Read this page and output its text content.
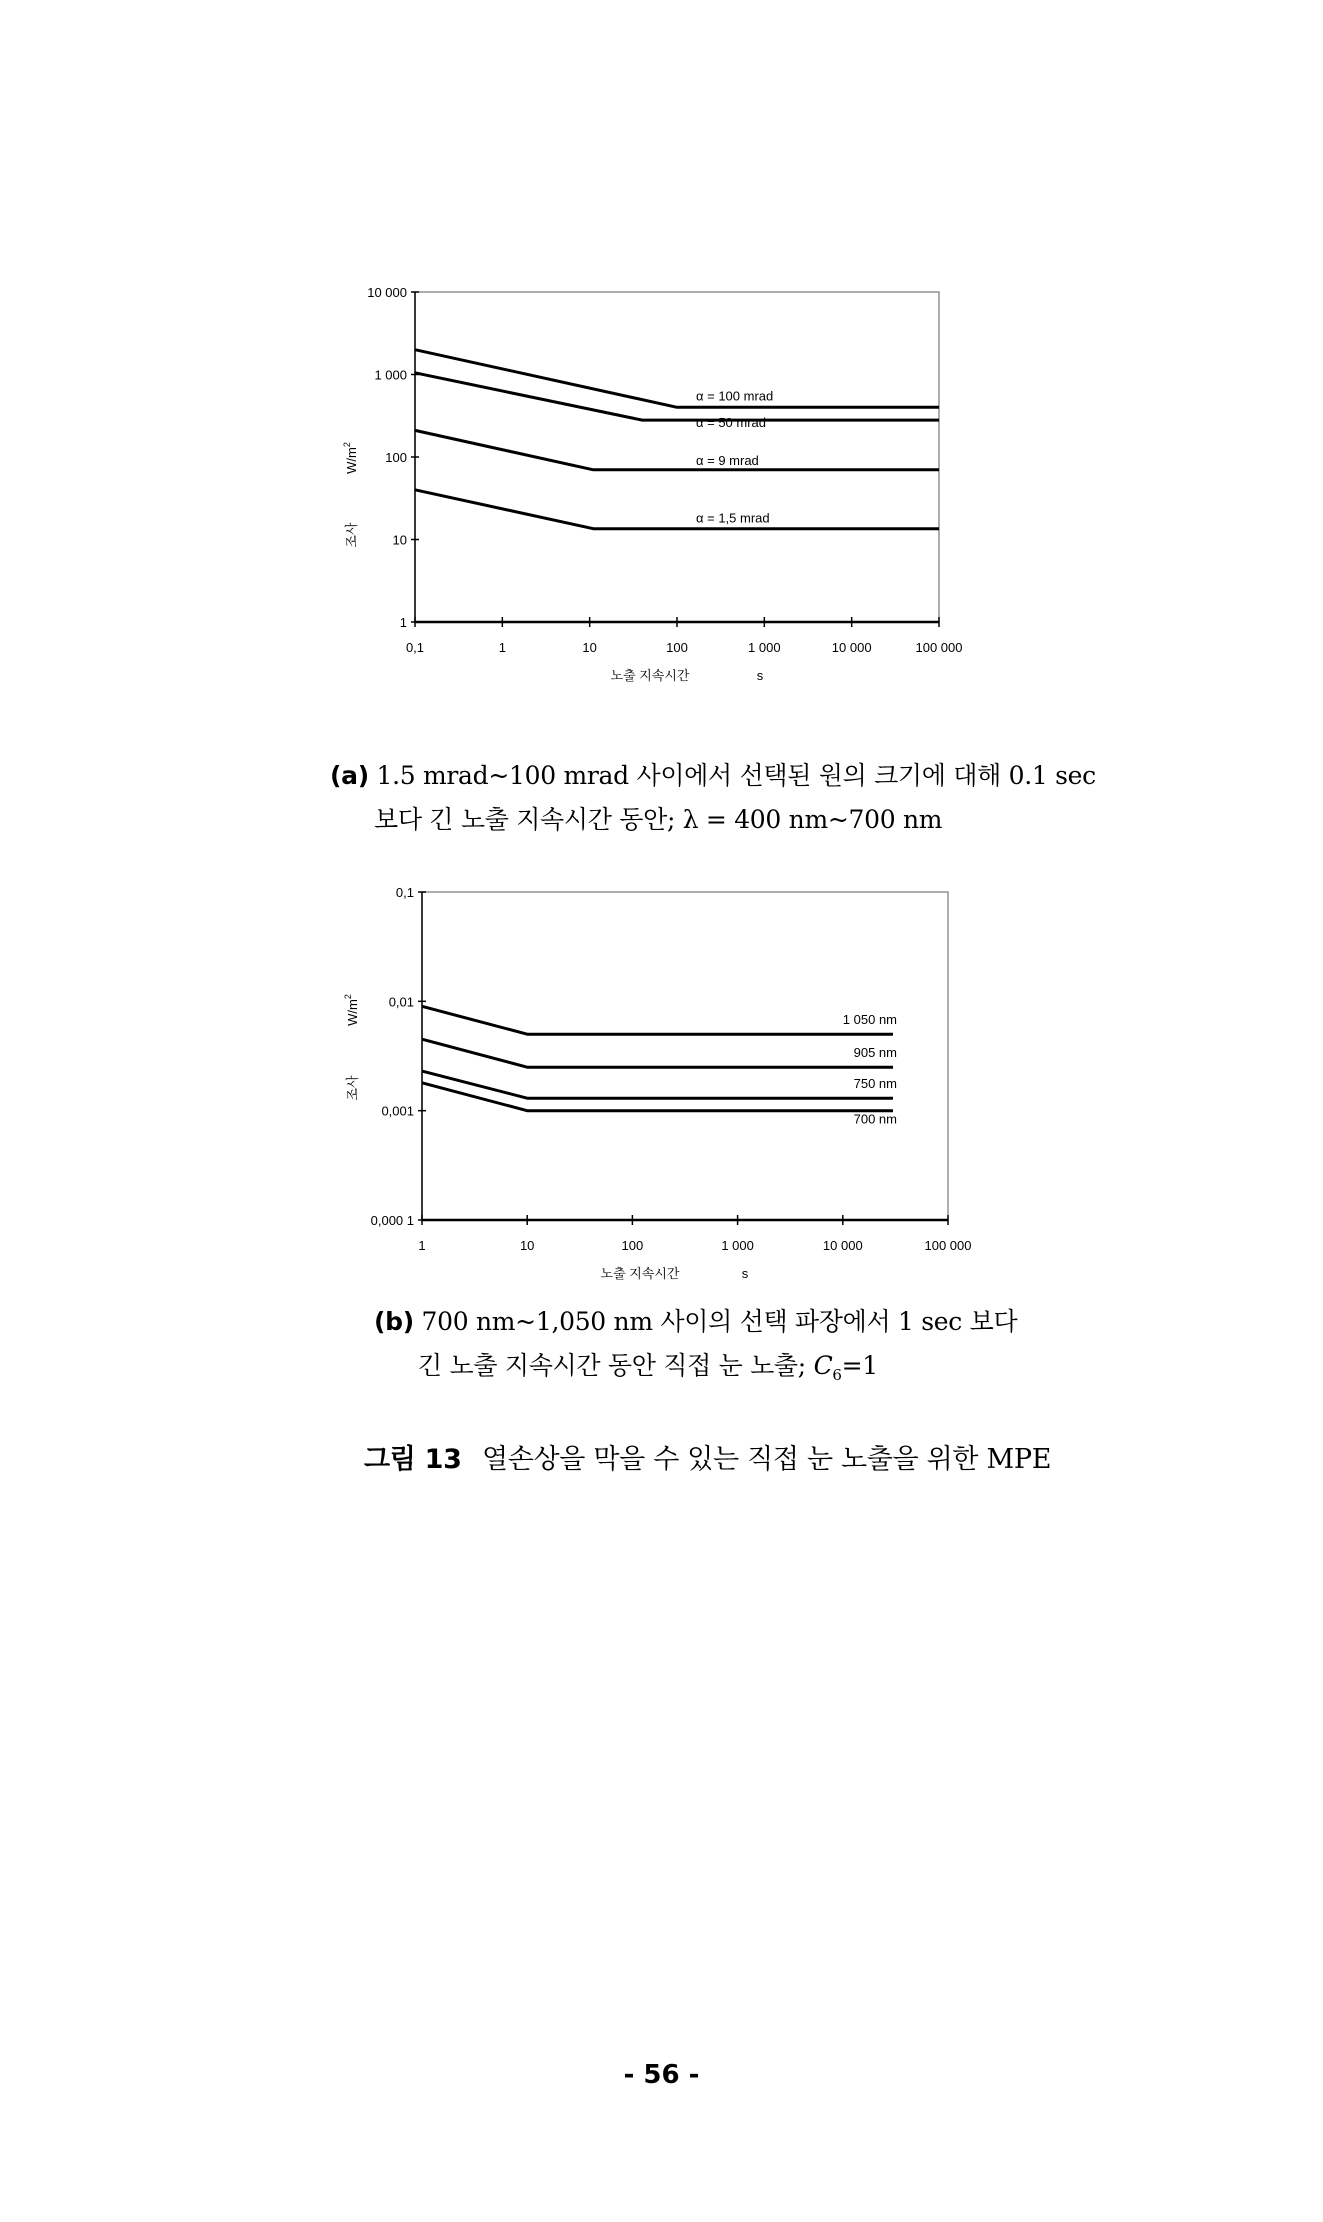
0,1	1	10	100	1 000	10 000	100 000
1
10
100
1 000
10 000
α = 100 mrad
α = 50 mrad
α = 9 mrad
α = 1,5 mrad
노출 지속시간	s
조사
$W/m^2$
(a) 1.5 mrad~100 mrad 사이에서 선택된 원의 크기에 대해 0.1 sec
보다 긴 노출 지속시간 동안; λ = 400 nm~700 nm
1	10	100	1 000	10 000	100 000
0,000 1
0,001
0,01
0,1
1 050 nm
905 nm
750 nm
700 nm
노출 지속시간	s
조사
$W/m^2$
(b) 700 nm~1,050 nm 사이의 선택 파장에서 1 sec 보다
긴 노출 지속시간 동안 직접 눈 노출; $C_6=1$
그림 13 열손상을 막을 수 있는 직접 눈 노출을 위한 MPE
- 56 -
